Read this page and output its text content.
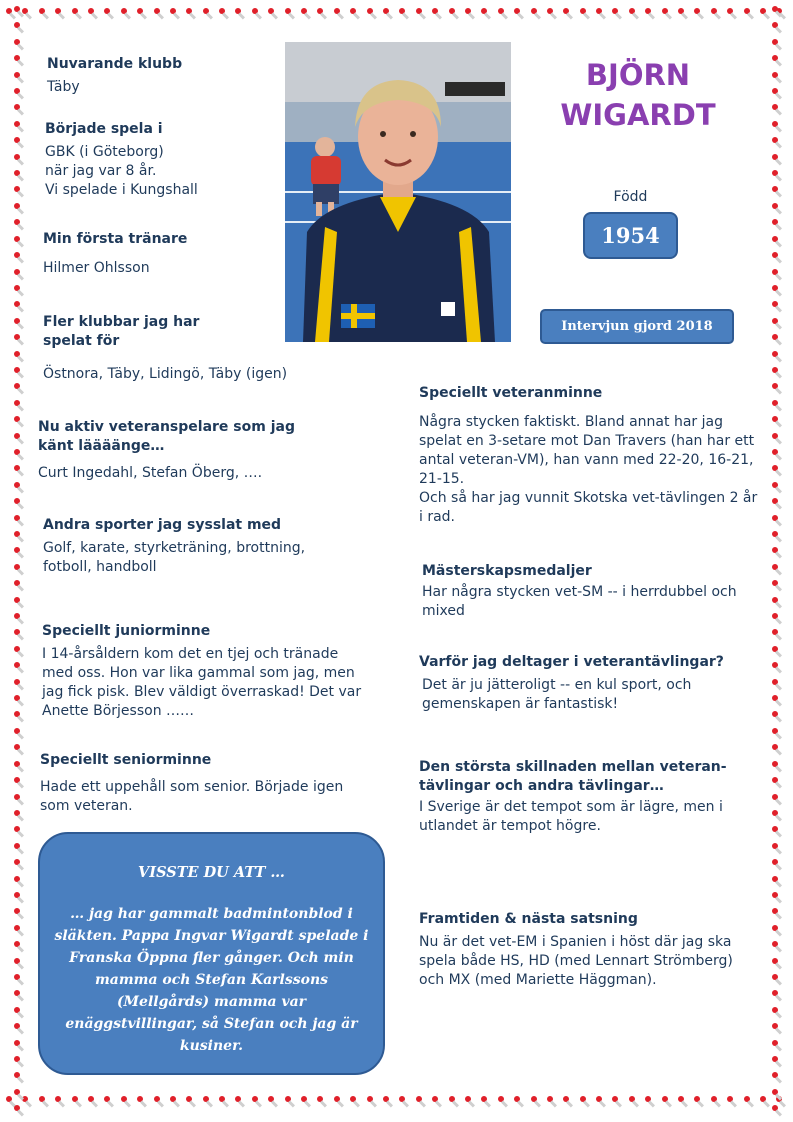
Nuvarande klubb

Täby

Började spela i

GBK (i Göteborg)

när jag var 8 år.

Vi spelade i Kungshall

Min första tränare

Hilmer Ohlsson

Fler klubbar jag har spelat för

Östnora, Täby, Lidingö, Täby (igen)

Nu aktiv veteranspelare som jag känt läääänge…

Curt Ingedahl, Stefan Öberg, ….

Andra sporter jag sysslat med

Golf, karate, styrketräning, brottning, fotboll, handboll

Speciellt juniorminne

I 14-årsåldern kom det en tjej och tränade med oss. Hon var lika gammal som jag, men jag fick pisk. Blev väldigt överraskad! Det var Anette Börjesson ……

Speciellt seniorminne

Hade ett uppehåll som senior. Började igen som veteran.

BJÖRN
WIGARDT
Född
1954
Intervjun gjord 2018
Speciellt veteranminne

Några stycken faktiskt. Bland annat har jag spelat en 3-setare mot Dan Travers (han har ett antal veteran-VM), han vann med 22-20, 16-21, 21-15.

Och så har jag vunnit Skotska vet-tävlingen 2 år i rad.

Mästerskapsmedaljer

Har några stycken vet-SM -- i herrdubbel och mixed

Varför jag deltager i veterantävlingar?

Det är ju jätteroligt -- en kul sport, och gemenskapen är fantastisk!

Den största skillnaden mellan veteran-tävlingar och andra tävlingar…

I Sverige är det tempot som är lägre, men i utlandet är tempot högre.

Framtiden & nästa satsning

Nu är det vet-EM i Spanien i höst där jag ska spela både HS, HD (med Lennart Strömberg) och MX (med Mariette Häggman).

VISSTE DU ATT …
… jag har gammalt badmintonblod i släkten. Pappa Ingvar Wigardt spelade i Franska Öppna fler gånger. Och min mamma och Stefan Karlssons (Mellgårds) mamma var enäggstvillingar, så Stefan och jag är kusiner.
